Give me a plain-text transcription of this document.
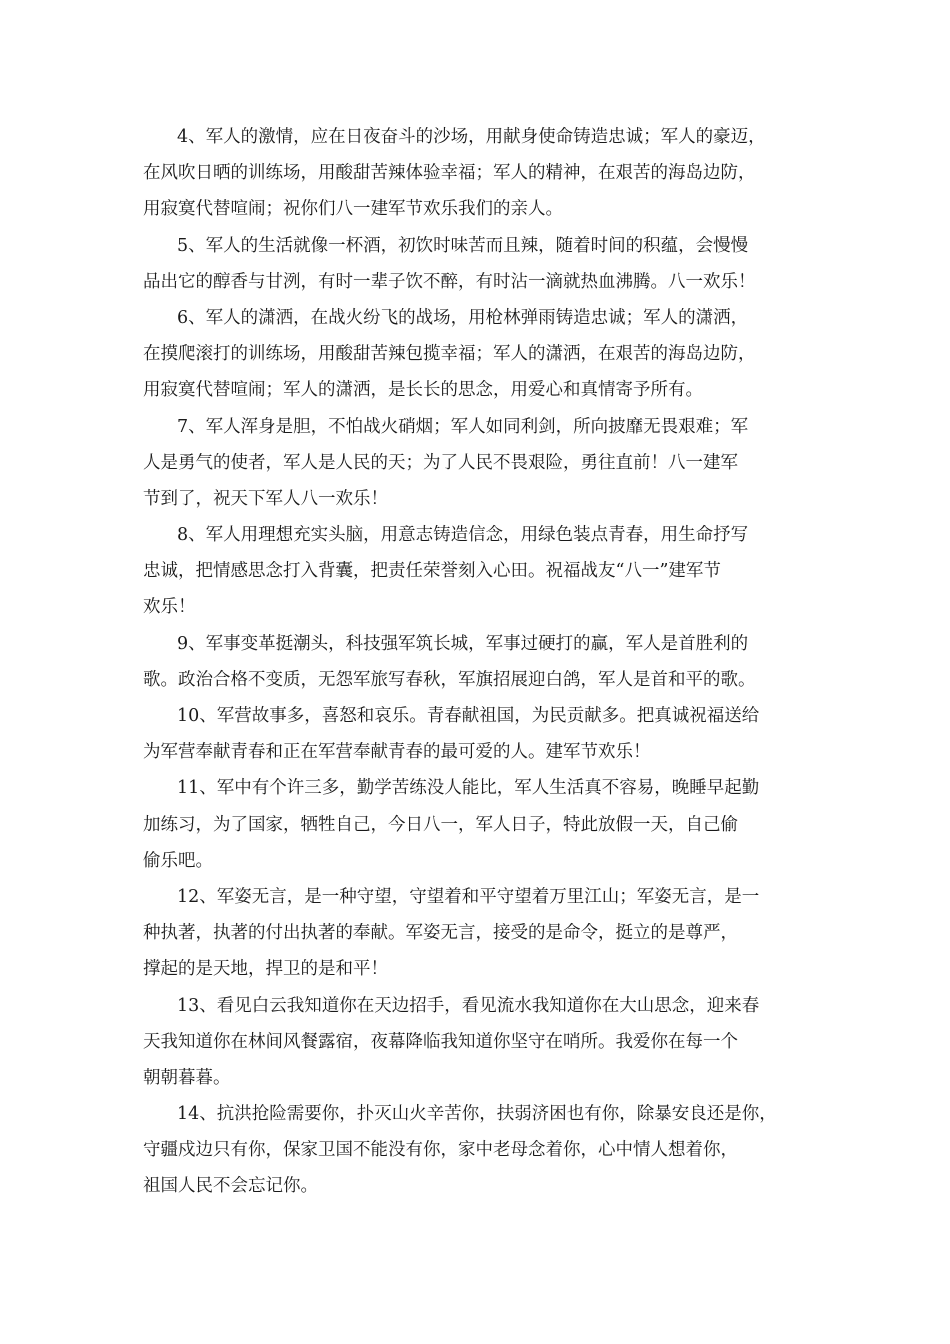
4、军人的激情，应在日夜奋斗的沙场，用献身使命铸造忠诚；军人的豪迈，
在风吹日晒的训练场，用酸甜苦辣体验幸福；军人的精神，在艰苦的海岛边防，
用寂寞代替喧闹；祝你们八一建军节欢乐我们的亲人。
5、军人的生活就像一杯酒，初饮时味苦而且辣，随着时间的积蕴，会慢慢
品出它的醇香与甘洌，有时一辈子饮不醉，有时沾一滴就热血沸腾。八一欢乐！
6、军人的潇洒，在战火纷飞的战场，用枪林弹雨铸造忠诚；军人的潇洒，
在摸爬滚打的训练场，用酸甜苦辣包揽幸福；军人的潇洒，在艰苦的海岛边防，
用寂寞代替喧闹；军人的潇洒，是长长的思念，用爱心和真情寄予所有。
7、军人浑身是胆，不怕战火硝烟；军人如同利剑，所向披靡无畏艰难；军
人是勇气的使者，军人是人民的天；为了人民不畏艰险，勇往直前！八一建军
节到了，祝天下军人八一欢乐！
8、军人用理想充实头脑，用意志铸造信念，用绿色装点青春，用生命抒写
忠诚，把情感思念打入背囊，把责任荣誉刻入心田。祝福战友“八一”建军节
欢乐！
9、军事变革挺潮头，科技强军筑长城，军事过硬打的赢，军人是首胜利的
歌。政治合格不变质，无怨军旅写春秋，军旗招展迎白鸽，军人是首和平的歌。
10、军营故事多，喜怒和哀乐。青春献祖国，为民贡献多。把真诚祝福送给
为军营奉献青春和正在军营奉献青春的最可爱的人。建军节欢乐！
11、军中有个许三多，勤学苦练没人能比，军人生活真不容易，晚睡早起勤
加练习，为了国家，牺牲自己，今日八一，军人日子，特此放假一天，自己偷
偷乐吧。
12、军姿无言，是一种守望，守望着和平守望着万里江山；军姿无言，是一
种执著，执著的付出执著的奉献。军姿无言，接受的是命令，挺立的是尊严，
撑起的是天地，捍卫的是和平！
13、看见白云我知道你在天边招手，看见流水我知道你在大山思念，迎来春
天我知道你在林间风餐露宿，夜幕降临我知道你坚守在哨所。我爱你在每一个
朝朝暮暮。
14、抗洪抢险需要你，扑灭山火辛苦你，扶弱济困也有你，除暴安良还是你，
守疆戍边只有你，保家卫国不能没有你，家中老母念着你，心中情人想着你，
祖国人民不会忘记你。
